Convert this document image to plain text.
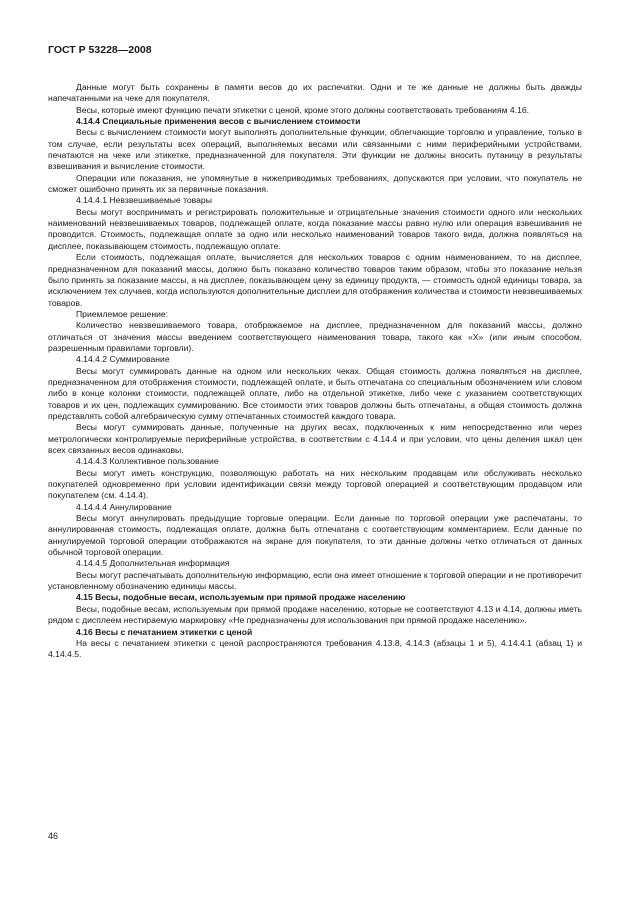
ГОСТ Р 53228—2008

Данные могут быть сохранены в памяти весов до их распечатки. Одни и те же данные не должны быть дважды напечатанными на чеке для покупателя.

Весы, которые имеют функцию печати этикетки с ценой, кроме этого должны соответствовать требованиям 4.16.

4.14.4 Специальные применения весов с вычислением стоимости

Весы с вычислением стоимости могут выполнять дополнительные функции, облегчающие торговлю и управление, только в том случае, если результаты всех операций, выполняемых весами или связанными с ними периферийными устройствами, печатаются на чеке или этикетке, предназначенной для покупателя. Эти функции не должны вносить путаницу в результаты взвешивания и вычисление стоимости.

Операции или показания, не упомянутые в нижеприводимых требованиях, допускаются при условии, что покупатель не сможет ошибочно принять их за первичные показания.

4.14.4.1 Невзвешиваемые товары

Весы могут воспринимать и регистрировать положительные и отрицательные значения стоимости одного или нескольких наименований невзвешиваемых товаров, подлежащей оплате, когда показание массы равно нулю или операция взвешивания не проводится. Стоимость, подлежащая оплате за одно или несколько наименований товаров такого вида, должна появляться на дисплее, показывающем стоимость, подлежащую оплате.

Если стоимость, подлежащая оплате, вычисляется для нескольких товаров с одним наименованием, то на дисплее, предназначенном для показаний массы, должно быть показано количество товаров таким образом, чтобы это показание нельзя было принять за показание массы, а на дисплее, показывающем цену за единицу продукта, — стоимость одной единицы товара, за исключением тех случаев, когда используются дополнительные дисплеи для отображения количества и стоимости невзвешиваемых товаров.

Приемлемое решение:

Количество невзвешиваемого товара, отображаемое на дисплее, предназначенном для показаний массы, должно отличаться от значения массы введением соответствующего наименования товара, такого как «X» (или иным способом, разрешенным правилами торговли).

4.14.4.2 Суммирование

Весы могут суммировать данные на одном или нескольких чеках. Общая стоимость должна появляться на дисплее, предназначенном для отображения стоимости, подлежащей оплате, и быть отпечатана со специальным обозначением или словом либо в конце колонки стоимости, подлежащей оплате, либо на отдельной этикетке, либо чеке с указанием соответствующих товаров и их цен, подлежащих суммированию. Все стоимости этих товаров должны быть отпечатаны, а общая стоимость должна представлять собой алгебраическую сумму отпечатанных стоимостей каждого товара.

Весы могут суммировать данные, полученные на других весах, подключенных к ним непосредственно или через метрологически контролируемые периферийные устройства, в соответствии с 4.14.4 и при условии, что цены деления шкал цен всех связанных весов одинаковы.

4.14.4.3 Коллективное пользование

Весы могут иметь конструкцию, позволяющую работать на них нескольким продавцам или обслуживать несколько покупателей одновременно при условии идентификации связи между торговой операцией и соответствующим продавцом или покупателем (см. 4.14.4).

4.14.4.4 Аннулирование

Весы могут аннулировать предыдущие торговые операции. Если данные по торговой операции уже распечатаны, то аннулированная стоимость, подлежащая оплате, должна быть отпечатана с соответствующим комментарием. Если данные по аннулируемой торговой операции отображаются на экране для покупателя, то эти данные должны четко отличаться от данных обычной торговой операции.

4.14.4.5 Дополнительная информация

Весы могут распечатывать дополнительную информацию, если она имеет отношение к торговой операции и не противоречит установленному обозначению единицы массы.

4.15 Весы, подобные весам, используемым при прямой продаже населению

Весы, подобные весам, используемым при прямой продаже населению, которые не соответствуют 4.13 и 4.14, должны иметь рядом с дисплеем нестираемую маркировку «Не предназначены для использования при прямой продаже населению».

4.16 Весы с печатанием этикетки с ценой

На весы с печатанием этикетки с ценой распространяются требования 4.13.8, 4.14.3 (абзацы 1 и 5), 4.14.4.1 (абзац 1) и 4.14.4.5.

46
